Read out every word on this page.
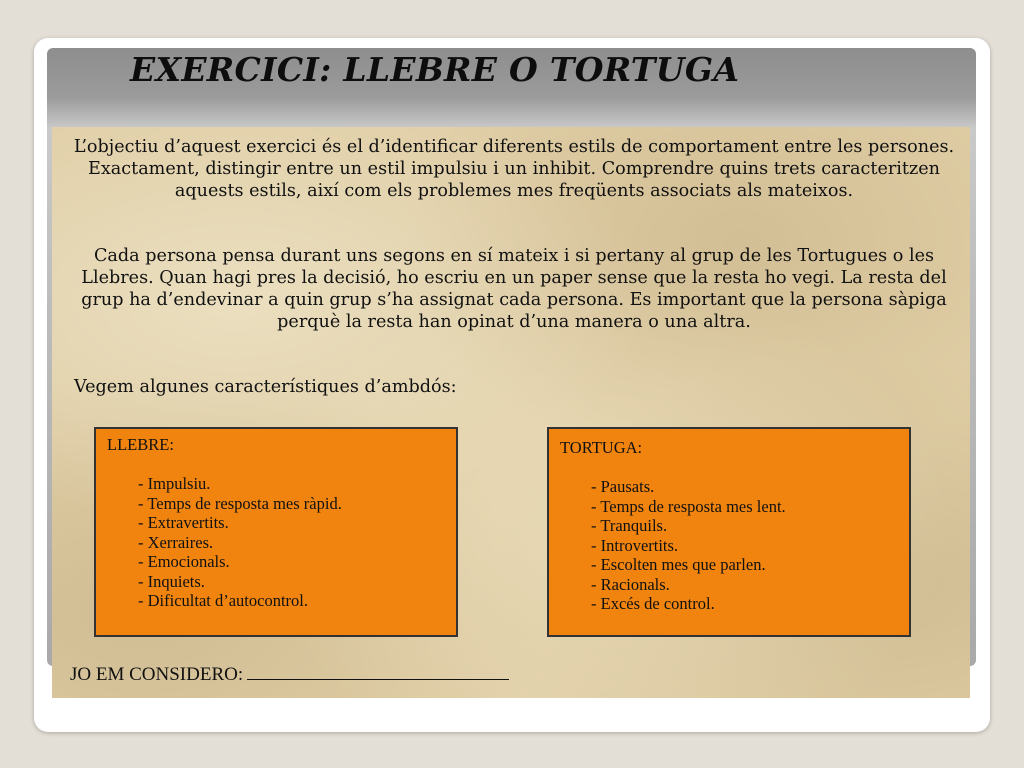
EXERCICI: LLEBRE O TORTUGA
L’objectiu d’aquest exercici és el d’identificar diferents estils de comportament entre les persones. Exactament, distingir entre un estil impulsiu i un inhibit. Comprendre quins trets caracteritzen aquests estils, així com els problemes mes freqüents associats als mateixos.
Cada persona pensa durant uns segons en sí mateix i si pertany al grup de les Tortugues o les Llebres. Quan hagi pres la decisió, ho escriu en un paper sense que la resta ho vegi. La resta del grup ha d’endevinar a quin grup s’ha assignat cada persona. Es important que la persona sàpiga perquè la resta han opinat d’una manera o una altra.
Vegem algunes característiques d’ambdós:
LLEBRE:
- Impulsiu.
- Temps de resposta mes ràpid.
- Extravertits.
- Xerraires.
- Emocionals.
- Inquiets.
- Dificultat d’autocontrol.
TORTUGA:
- Pausats.
- Temps de resposta mes lent.
- Tranquils.
- Introvertits.
- Escolten mes que parlen.
- Racionals.
- Excés de control.
JO EM CONSIDERO:
